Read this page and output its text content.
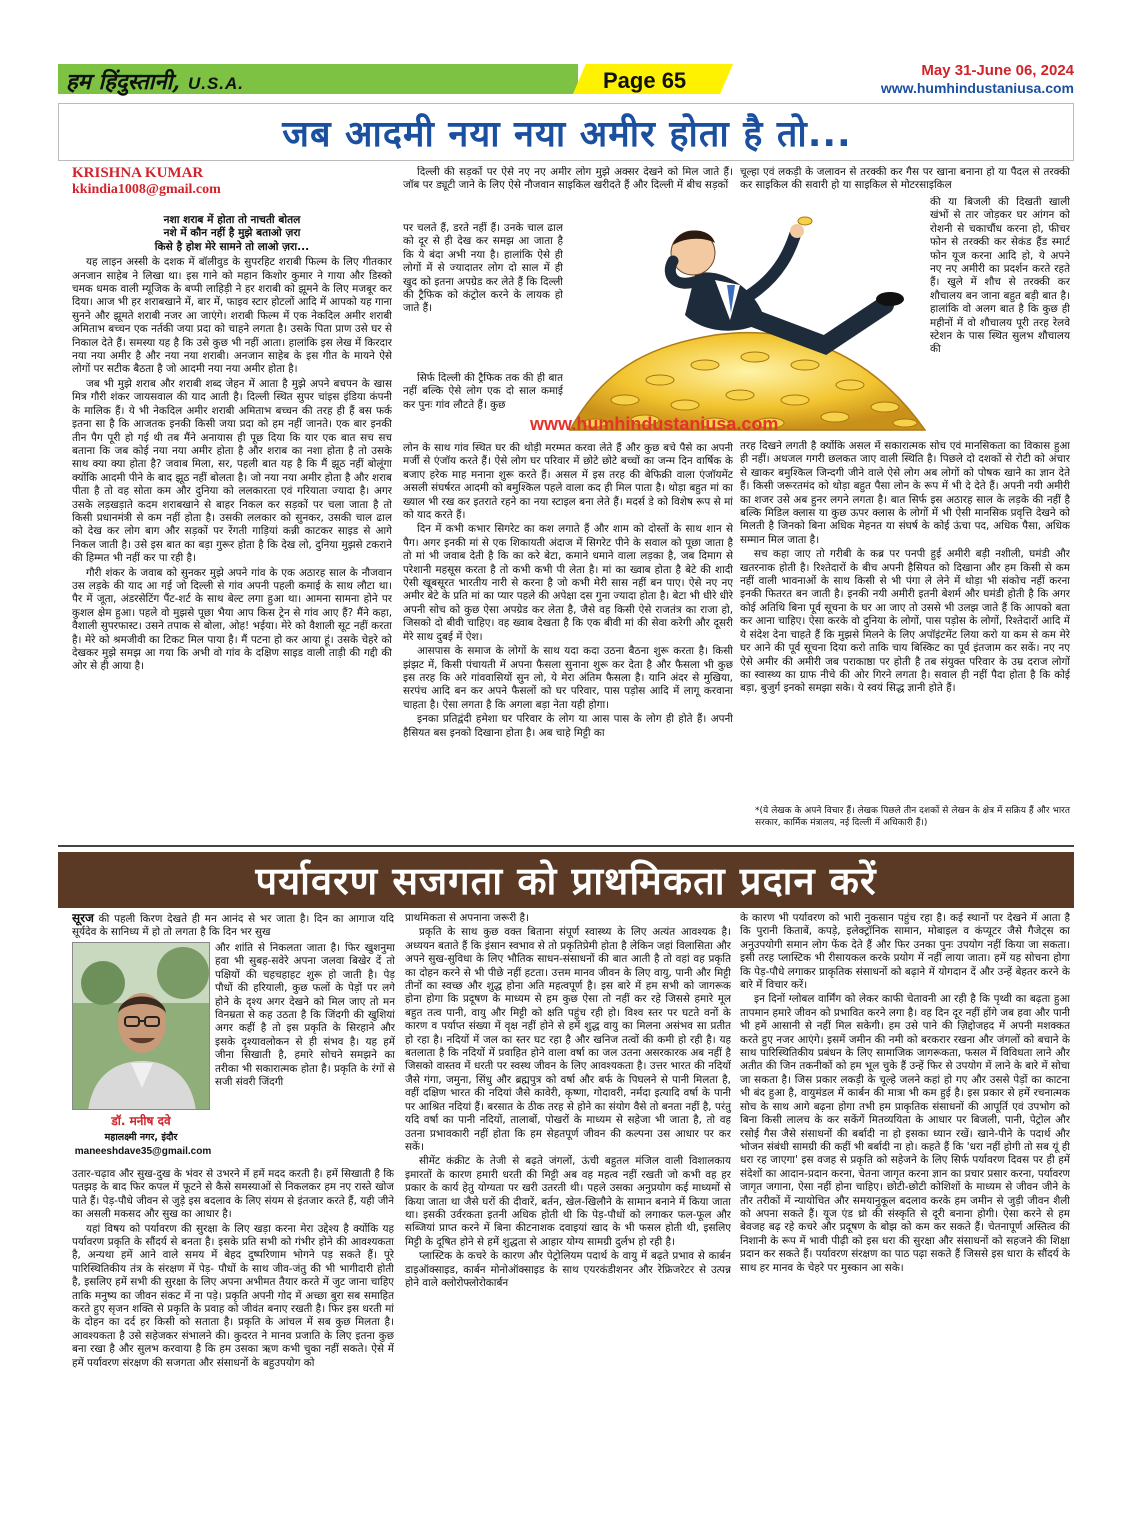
हम हिंदुस्तानी, U.S.A.	Page 65	May 31-June 06, 2024
www.humhindustaniusa.com
जब आदमी नया नया अमीर होता है तो...
KRISHNA KUMAR
kkindia1008@gmail.com
नशा शराब में होता तो नाचती बोतल
नशे में कौन नहीं है मुझे बताओ ज़रा
किसे है होश मेरे सामने तो लाओ ज़रा...

यह लाइन अस्सी के दशक में बॉलीवुड के सुपरहिट शराबी फिल्म के लिए गीतकार अनजान साहेब ने लिखा था। इस गाने को महान किशोर कुमार ने गाया और डिस्को चमक धमक वाली म्यूजिक के बप्पी लाहिड़ी ने हर शराबी को झूमने के लिए मजबूर कर दिया। आज भी हर शराबखाने में, बार में, फाइव स्टार होटलों आदि में आपको यह गाना सुनने और झूमते शराबी नजर आ जाएंगे। शराबी फिल्म में एक नेकदिल अमीर शराबी अमिताभ बच्चन एक नर्तकी जया प्रदा को चाहने लगता है। उसके पिता प्राण उसे घर से निकाल देते हैं। समस्या यह है कि उसे कुछ भी नहीं आता। हालांकि इस लेख में किरदार नया नया अमीर है और नया नया शराबी। अनजान साहेब के इस गीत के मायने ऐसे लोगों पर सटीक बैठता है जो आदमी नया नया अमीर होता है।

जब भी मुझे शराब और शराबी शब्द जेहन में आता है मुझे अपने बचपन के खास मित्र गौरी शंकर जायसवाल की याद आती है। दिल्ली स्थित सुपर चांइस इंडिया कंपनी के मालिक हैं। ये भी नेकदिल अमीर शराबी अमिताभ बच्चन की तरह ही हैं बस फर्क इतना सा है कि आजतक इनकी किसी जया प्रदा को हम नहीं जानते। एक बार इनकी तीन पैग पूरी हो गई थी तब मैंने अनायास ही पूछ दिया कि यार एक बात सच सच बताना कि जब कोई नया नया अमीर होता है और शराब का नशा होता है तो उसके साथ क्या क्या होता है? जवाब मिला, सर, पहली बात यह है कि मैं झूठ नहीं बोलूंगा क्योंकि आदमी पीने के बाद झूठ नहीं बोलता है। जो नया नया अमीर होता है और शराब पीता है तो वह सोता कम और दुनिया को ललकारता एवं गरियाता ज्यादा है। अगर उसके लड़खड़ाते कदम शराबखाने से बाहर निकल कर सड़कों पर चला जाता है तो किसी प्रधानमंत्री से कम नहीं होता है। उसकी ललकार को सुनकर, उसकी चाल ढाल को देख कर लोग बाग और सड़कों पर रेंगती गाड़ियां कन्नी काटकर साइड से आगे निकल जाती है। उसे इस बात का बड़ा गुरूर होता है कि देख लो, दुनिया मुझसे टकराने की हिम्मत भी नहीं कर पा रही है।

गौरी शंकर के जवाब को सुनकर मुझे अपने गांव के एक अठारह साल के नौजवान उस लड़के की याद आ गई जो दिल्ली से गांव अपनी पहली कमाई के साथ लौटा था। पैर में जूता, अंडरसेटिंग पैंट-शर्ट के साथ बेल्ट लगा हुआ था। आमना सामना होने पर कुशल क्षेम हुआ। पहले वो मुझसे पूछा भैया आप किस ट्रेन से गांव आए हैं? मैंने कहा, वैशाली सुपरफास्ट। उसने तपाक से बोला, ओह! भईया। मेरे को वैशाली सूट नहीं करता है। मेरे को श्रमजीवी का टिकट मिल पाया है। मैं पटना हो कर आया हूं। उसके चेहरे को देखकर मुझे समझ आ गया कि अभी वो गांव के दक्षिण साइड वाली ताड़ी की गद्दी की ओर से ही आया है।

दिल्ली की सड़कों पर ऐसे नए नए अमीर लोग मुझे अक्सर देखने को मिल जाते हैं। जॉब पर ड्यूटी जाने के लिए ऐसे नौजवान साइकिल खरीदते हैं और दिल्ली में बीच सड़कों

पर चलते हैं, डरते नहीं हैं। उनके चाल ढाल को दूर से ही देख कर समझ आ जाता है कि ये बंदा अभी नया है। हालांकि ऐसे ही लोगों में से ज्यादातर लोग दो साल में ही खुद को इतना अपग्रेड कर लेते हैं कि दिल्ली की ट्रैफिक को कंट्रोल करने के लायक हो जाते हैं।

सिर्फ दिल्ली की ट्रैफिक तक की ही बात नहीं बल्कि ऐसे लोग एक दो साल कमाई कर पुनः गांव लौटते हैं। कुछ

लोन के साथ गांव स्थित घर की थोड़ी मरम्मत करवा लेते हैं और कुछ बचे पैसे का अपनी मर्जी से एंजॉय करते हैं। ऐसे लोग घर परिवार में छोटे छोटे बच्चों का जन्म दिन वार्षिक के बजाए हरेक माह मनाना शुरू करते हैं। असल में इस तरह की बेफिक्री वाला एंजॉयमेंट असली संघर्षरत आदमी को बमुश्किल पहले वाला कद ही मिल पाता है। थोड़ा बहुत मां का ख्याल भी रख कर इतराते रहने का नया स्टाइल बना लेते हैं। मदर्स डे को विशेष रूप से मां को याद करते हैं।

दिन में कभी कभार सिगरेट का कश लगाते हैं और शाम को दोस्तों के साथ शान से पैग। अगर इनकी मां से एक शिकायती अंदाज में सिगरेट पीने के सवाल को पूछा जाता है तो मां भी जवाब देती है कि का करे बेटा, कमाने धमाने वाला लड़का है, जब दिमाग से परेशानी महसूस करता है तो कभी कभी पी लेता है। मां का ख्वाब होता है बेटे की शादी ऐसी खूबसूरत भारतीय नारी से करना है जो कभी मेरी सास नहीं बन पाए। ऐसे नए नए अमीर बेटे के प्रति मां का प्यार पहले की अपेक्षा दस गुना ज्यादा होता है। बेटा भी धीरे धीरे अपनी सोच को कुछ ऐसा अपग्रेड कर लेता है, जैसे वह किसी ऐसे राजतंत्र का राजा हो, जिसको दो बीवी चाहिए। वह ख्वाब देखता है कि एक बीवी मां की सेवा करेगी और दूसरी मेरे साथ दुबई में ऐश।

आसपास के समाज के लोगों के साथ यदा कदा उठना बैठना शुरू करता है। किसी झंझट में, किसी पंचायती में अपना फैसला सुनाना शुरू कर देता है और फैसला भी कुछ इस तरह कि अरे गांववासियों सुन लो, ये मेरा अंतिम फैसला है। यानि अंदर से मुखिया, सरपंच आदि बन कर अपने फैसलों को घर परिवार, पास पड़ोस आदि में लागू करवाना चाहता है। ऐसा लगता है कि अगला बड़ा नेता यही होगा।

इनका प्रतिद्वंदी हमेशा घर परिवार के लोग या आस पास के लोग ही होते हैं। अपनी हैसियत बस इनको दिखाना होता है। अब चाहे मिट्टी का

चूल्हा एवं लकड़ी के जलावन से तरक्की कर गैस पर खाना बनाना हो या पैदल से तरक्की कर साइकिल की सवारी हो या साइकिल से मोटरसाइकिल

की या बिजली की दिखती खाली खंभों से तार जोड़कर घर आंगन को रोशनी से चकाचौंध करना हो, फीचर फोन से तरक्की कर सेकंड हैंड स्मार्ट फोन यूज करना आदि हो, ये अपने नए नए अमीरी का प्रदर्शन करते रहते हैं। खुले में शौच से तरक्की कर शौचालय बन जाना बहुत बड़ी बात है। हालांकि वो अलग बात है कि कुछ ही महीनों में वो शौचालय पूरी तरह रेलवे स्टेशन के पास स्थित सुलभ शौचालय की

तरह दिखने लगती है क्योंकि असल में सकारात्मक सोच एवं मानसिकता का विकास हुआ ही नहीं। अधजल गगरी छलकत जाए वाली स्थिति है। पिछले दो दशकों से रोटी को अंचार से खाकर बमुश्किल जिन्दगी जीने वाले ऐसे लोग अब लोगों को पोषक खाने का ज्ञान देते हैं। किसी जरूरतमंद को थोड़ा बहुत पैसा लोन के रूप में भी दे देते हैं। अपनी नयी अमीरी का शजर उसे अब हुनर लगने लगता है। बात सिर्फ इस अठारह साल के लड़के की नहीं है बल्कि मिडिल क्लास या कुछ ऊपर क्लास के लोगों में भी ऐसी मानसिक प्रवृत्ति देखने को मिलती है जिनको बिना अधिक मेहनत या संघर्ष के कोई ऊंचा पद, अधिक पैसा, अधिक सम्मान मिल जाता है।

सच कहा जाए तो गरीबी के कब्र पर पनपी हुई अमीरी बड़ी नशीली, घमंडी और खतरनाक होती है। रिश्तेदारों के बीच अपनी हैसियत को दिखाना और हम किसी से कम नहीं वाली भावनाओं के साथ किसी से भी पंगा ले लेने में थोड़ा भी संकोच नहीं करना इनकी फितरत बन जाती है। इनकी नयी अमीरी इतनी बेशर्म और घमंडी होती है कि अगर कोई अतिथि बिना पूर्व सूचना के घर आ जाए तो उससे भी उलझ जाते हैं कि आपको बता कर आना चाहिए। ऐसा करके वो दुनिया के लोगों, पास पड़ोस के लोगों, रिश्तेदारों आदि में ये संदेश देना चाहते हैं कि मुझसे मिलने के लिए अपॉइंटमेंट लिया करो या कम से कम मेरे घर आने की पूर्व सूचना दिया करो ताकि चाय बिस्किट का पूर्व इंतजाम कर सकें। नए नए ऐसे अमीर की अमीरी जब पराकाष्ठा पर होती है तब संयुक्त परिवार के उम्र दराज लोगों का स्वास्थ्य का ग्राफ नीचे की ओर गिरने लगता है। सवाल ही नहीं पैदा होता है कि कोई बड़ा, बुजुर्ग इनको समझा सके। ये स्वयं सिद्ध ज्ञानी होते हैं।

*(ये लेखक के अपने विचार हैं। लेखक पिछले तीन दशकों से लेखन के क्षेत्र में सक्रिय हैं और भारत सरकार, कार्मिक मंत्रालय, नई दिल्ली में अधिकारी हैं।)
www.humhindustaniusa.com
पर्यावरण सजगता को प्राथमिकता प्रदान करें

सूरज की पहली किरण देखते ही मन आनंद से भर जाता है। दिन का आगाज यदि सूर्यदेव के सानिध्य में हो तो लगता है कि दिन भर सुख

डॉ. मनीष दवे
महालक्ष्मी नगर, इंदौर
maneeshdave35@gmail.com

और शांति से निकलता जाता है। फिर खुशनुमा हवा भी सुबह-सवेरे अपना जलवा बिखेर दें तो पक्षियों की चहचहाहट शुरू हो जाती है। पेड़ पौधों की हरियाली, कुछ फलों के पेड़ों पर लगे होने के दृश्य अगर देखने को मिल जाए तो मन विनम्रता से कह उठता है कि जिंदगी की खुशियां अगर कहीं है तो इस प्रकृति के सिरहाने और इसके दृश्यावलोकन से ही संभव है। यह हमें जीना सिखाती है, हमारे सोचने समझने का तरीका भी सकारात्मक होता है। प्रकृति के रंगों से सजी संवरी जिंदगी

उतार-चढ़ाव और सुख-दुख के भंवर से उभरने में हमें मदद करती है। हमें सिखाती है कि पतझड़ के बाद फिर कपल में फूटने से कैसे समस्याओं से निकलकर हम नए रास्ते खोज पाते हैं। पेड़-पौधे जीवन से जुड़े इस बदलाव के लिए संयम से इंतजार करते हैं, यही जीने का असली मकसद और सुख का आधार है।

यहां विषय को पर्यावरण की सुरक्षा के लिए खड़ा करना मेरा उद्देश्य है क्योंकि यह पर्यावरण प्रकृति के सौंदर्य से बनता है। इसके प्रति सभी को गंभीर होने की आवश्यकता है, अन्यथा हमें आने वाले समय में बेहद दुष्परिणाम भोगने पड़ सकते हैं। पूरे पारिस्थितिकीय तंत्र के संरक्षण में पेड़- पौधों के साथ जीव-जंतु की भी भागीदारी होती है, इसलिए हमें सभी की सुरक्षा के लिए अपना अभीमत तैयार करते में जुट जाना चाहिए ताकि मनुष्य का जीवन संकट में ना पड़े। प्रकृति अपनी गोद में अच्छा बुरा सब समाहित करते हुए सृजन शक्ति से प्रकृति के प्रवाह को जीवंत बनाए रखती है। फिर इस धरती मां के दोहन का दर्द हर किसी को सताता है। प्रकृति के आंचल में सब कुछ मिलता है। आवश्यकता है उसे सहेजकर संभालने की। कुदरत ने मानव प्रजाति के लिए इतना कुछ बना रखा है और सुलभ करवाया है कि हम उसका ऋण कभी चुका नहीं सकते। ऐसे में हमें पर्यावरण संरक्षण की सजगता और संसाधनों के बहुउपयोग को

प्राथमिकता से अपनाना जरूरी है।

प्रकृति के साथ कुछ वक्त बिताना संपूर्ण स्वास्थ्य के लिए अत्यंत आवश्यक है। अध्ययन बताते हैं कि इंसान स्वभाव से तो प्रकृतिप्रेमी होता है लेकिन जहां विलासिता और अपने सुख-सुविधा के लिए भौतिक साधन-संसाधनों की बात आती है तो वहां वह प्रकृति का दोहन करने से भी पीछे नहीं हटता। उत्तम मानव जीवन के लिए वायु, पानी और मिट्टी तीनों का स्वच्छ और शुद्ध होना अति महत्वपूर्ण है। इस बारे में हम सभी को जागरूक होना होगा कि प्रदूषण के माध्यम से हम कुछ ऐसा तो नहीं कर रहे जिससे हमारे मूल बहुत तत्व पानी, वायु और मिट्टी को क्षति पहुंच रही हो। विश्व स्तर पर घटते वनों के कारण व पर्याप्त संख्या में वृक्ष नहीं होने से हमें शुद्ध वायु का मिलना असंभव सा प्रतीत हो रहा है। नदियों में जल का स्तर घट रहा है और खनिज तत्वों की कमी हो रही है। यह बतलाता है कि नदियों में प्रवाहित होने वाला वर्षा का जल उतना असरकारक अब नहीं है जिसको वास्तव में धरती पर स्वस्थ जीवन के लिए आवश्यकता है। उत्तर भारत की नदियों जैसे गंगा, जमुना, सिंधु और ब्रह्मपुत्र को वर्षा और बर्फ के पिघलने से पानी मिलता है, वहीं दक्षिण भारत की नदियां जैसे कावेरी, कृष्णा, गोदावरी, नर्मदा इत्यादि वर्षा के पानी पर आश्रित नदियां हैं। बरसात के ठीक तरह से होने का संयोग वैसे तो बनता नहीं है, परंतु यदि वर्षा का पानी नदियों, तालाबों, पोखरों के माध्यम से सहेजा भी जाता है, तो वह उतना प्रभावकारी नहीं होता कि हम सेहतपूर्ण जीवन की कल्पना उस आधार पर कर सकें।

सीमेंट कंक्रीट के तेजी से बढ़ते जंगलों, ऊंची बहुतल मंजिल वाली विशालकाय इमारतों के कारण हमारी धरती की मिट्टी अब वह महत्व नहीं रखती जो कभी वह हर प्रकार के कार्य हेतु योग्यता पर खरी उतरती थी। पहले उसका अनुप्रयोग कई माध्यमों से किया जाता था जैसे घरों की दीवारें, बर्तन, खेल-खिलौने के सामान बनाने में किया जाता था। इसकी उर्वरकता इतनी अधिक होती थी कि पेड़-पौधों को लगाकर फल-फूल और सब्जियां प्राप्त करने में बिना कीटनाशक दवाइयां खाद के भी फसल होती थी, इसलिए मिट्टी के दूषित होने से हमें शुद्धता से आहार योग्य सामग्री दुर्लभ हो रही है।

प्लास्टिक के कचरे के कारण और पेट्रोलियम पदार्थ के वायु में बढ़ते प्रभाव से कार्बन डाइऑक्साइड, कार्बन मोनोऑक्साइड के साथ एयरकंडीशनर और रेफ्रिजरेटर से उत्पन्न होने वाले क्लोरोफ्लोरोकार्बन

के कारण भी पर्यावरण को भारी नुकसान पहुंच रहा है। कई स्थानों पर देखने में आता है कि पुरानी किताबें, कपड़े, इलेक्ट्रॉनिक सामान, मोबाइल व कंप्यूटर जैसे गैजेट्स का अनुउपयोगी समान लोग फेंक देते हैं और फिर उनका पुनः उपयोग नहीं किया जा सकता। इसी तरह प्लास्टिक भी रीसायकल करके प्रयोग में नहीं लाया जाता। हमें यह सोचना होगा कि पेड़-पौधे लगाकर प्राकृतिक संसाधनों को बढ़ाने में योगदान दें और उन्हें बेहतर करने के बारे में विचार करें।

इन दिनों ग्लोबल वार्मिंग को लेकर काफी चेतावनी आ रही है कि पृथ्वी का बढ़ता हुआ तापमान हमारे जीवन को प्रभावित करने लगा है। वह दिन दूर नहीं होंगे जब हवा और पानी भी हमें आसानी से नहीं मिल सकेगी। हम उसे पाने की ज़िद्दोजहद में अपनी मशक्कत करते हुए नजर आएंगे। इसमें जमीन की नमी को बरकरार रखना और जंगलों को बचाने के साथ पारिस्थितिकीय प्रबंधन के लिए सामाजिक जागरूकता, फसल में विविधता लाने और अतीत की जिन तकनीकों को हम भूल चुके हैं उन्हें फिर से उपयोग में लाने के बारे में सोचा जा सकता है। जिस प्रकार लकड़ी के चूल्हे जलने कहां हो गए और उससे पेड़ों का काटना भी बंद हुआ है, वायुमंडल में कार्बन की मात्रा भी कम हुई है। इस प्रकार से हमें रचनात्मक सोच के साथ आगे बढ़ना होगा तभी हम प्राकृतिक संसाधनों की आपूर्ति एवं उपभोग को बिना किसी लालच के कर सकेंगें मितव्ययिता के आधार पर बिजली, पानी, पेट्रोल और रसोई गैस जैसे संसाधनों की बर्बादी ना हो इसका ध्यान रखें। खाने-पीने के पदार्थ और भोजन संबंधी सामग्री की कहीं भी बर्बादी ना हो। कहते हैं कि 'धरा नहीं होगी तो सब यूं ही धरा रह जाएगा' इस वजह से प्रकृति को सहेजने के लिए सिर्फ पर्यावरण दिवस पर ही हमें संदेशों का आदान-प्रदान करना, चेतना जागृत करना ज्ञान का प्रचार प्रसार करना, पर्यावरण जागृत जगाना, ऐसा नहीं होना चाहिए। छोटी-छोटी कोशिशों के माध्यम से जीवन जीने के तौर तरीकों में न्यायोचित और समयानुकूल बदलाव करके हम जमीन से जुड़ी जीवन शैली को अपना सकते हैं। यूज एंड थ्रो की संस्कृति से दूरी बनाना होगी। ऐसा करने से हम बेवजह बढ़ रहे कचरे और प्रदूषण के बोझ को कम कर सकते हैं। चेतनापूर्ण अस्तित्व की निशानी के रूप में भावी पीढ़ी को इस धरा की सुरक्षा और संसाधनों को सहजने की शिक्षा प्रदान कर सकते हैं। पर्यावरण संरक्षण का पाठ पढ़ा सकते हैं जिससे इस धारा के सौंदर्य के साथ हर मानव के चेहरे पर मुस्कान आ सके।
